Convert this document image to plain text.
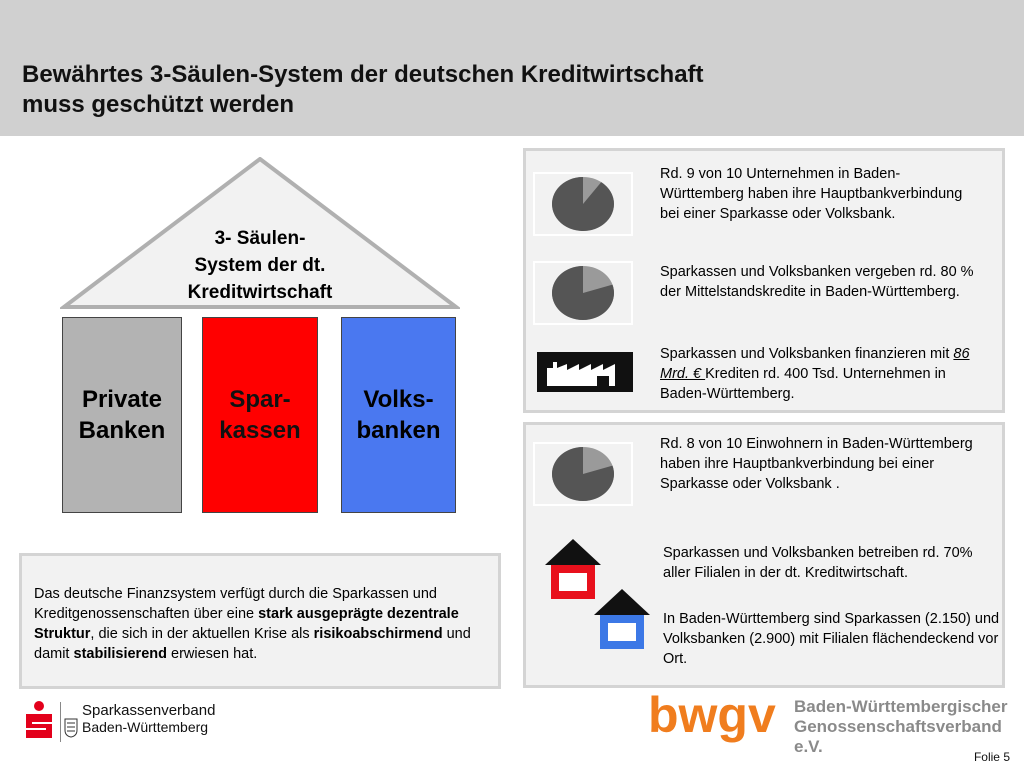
Bewährtes 3-Säulen-System der deutschen Kreditwirtschaft
muss geschützt werden
3- Säulen-
System der dt.
Kreditwirtschaft
Private
Banken
Spar-
kassen
Volks-
banken
Das deutsche Finanzsystem verfügt durch die Sparkassen und Kreditgenossenschaften über eine stark ausgeprägte dezentrale Struktur, die sich in der aktuellen Krise als risikoabschirmend und damit stabilisierend erwiesen hat.
Rd. 9 von 10 Unternehmen in Baden-Württemberg haben ihre Hauptbankverbindung bei einer Sparkasse oder Volksbank.
Sparkassen und Volksbanken vergeben rd. 80 % der Mittelstandskredite in Baden-Württemberg.
Sparkassen und Volksbanken finanzieren mit 86 Mrd. € Krediten rd. 400 Tsd. Unternehmen in Baden-Württemberg.
Rd. 8 von 10 Einwohnern in Baden-Württemberg haben ihre Hauptbankverbindung bei einer Sparkasse oder Volksbank .
Sparkassen und Volksbanken betreiben rd. 70% aller Filialen in der dt. Kreditwirtschaft.
In Baden-Württemberg sind Sparkassen (2.150) und Volksbanken (2.900) mit Filialen flächendeckend vor Ort.
Sparkassenverband
Baden-Württemberg	bwgv Baden-Württembergischer
Genossenschaftsverband e.V.
Folie 5
